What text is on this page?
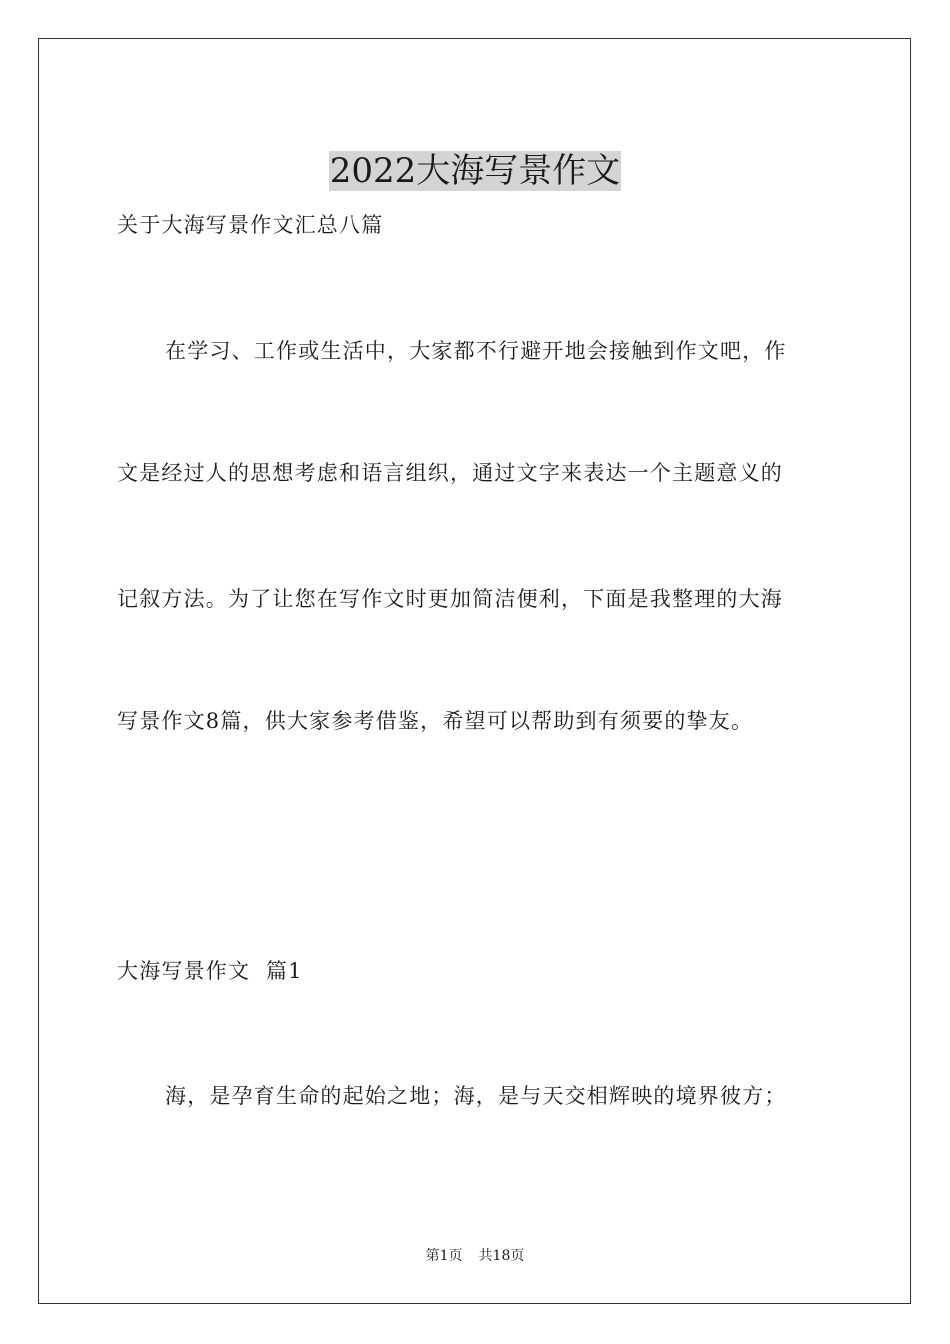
2022大海写景作文
关于大海写景作文汇总八篇
在学习、工作或生活中，大家都不行避开地会接触到作文吧，作
文是经过人的思想考虑和语言组织，通过文字来表达一个主题意义的
记叙方法。为了让您在写作文时更加简洁便利，下面是我整理的大海
写景作文8篇，供大家参考借鉴，希望可以帮助到有须要的挚友。
大海写景作文  篇1
海，是孕育生命的起始之地；海，是与天交相辉映的境界彼方；
第1页 共18页
